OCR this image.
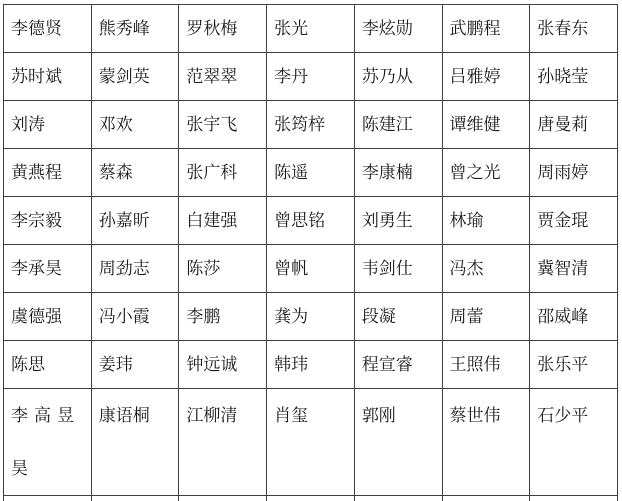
李德贤	熊秀峰	罗秋梅	张光	李炫勋	武鹏程	张春东
苏时斌	蒙剑英	范翠翠	李丹	苏乃从	吕雅婷	孙晓莹
刘涛	邓欢	张宇飞	张筠梓	陈建江	谭维健	唐曼莉
黄燕程	蔡森	张广科	陈遥	李康楠	曾之光	周雨婷
李宗毅	孙嘉昕	白建强	曾思铭	刘勇生	林瑜	贾金琨
李承昊	周劲志	陈莎	曾帆	韦剑仕	冯杰	冀智清
虞德强	冯小霞	李鹏	龚为	段凝	周蕾	邵威峰
陈思	姜玮	钟远诚	韩玮	程宣睿	王照伟	张乐平
李高昱昊	康语桐	江柳清	肖玺	郭刚	蔡世伟	石少平
